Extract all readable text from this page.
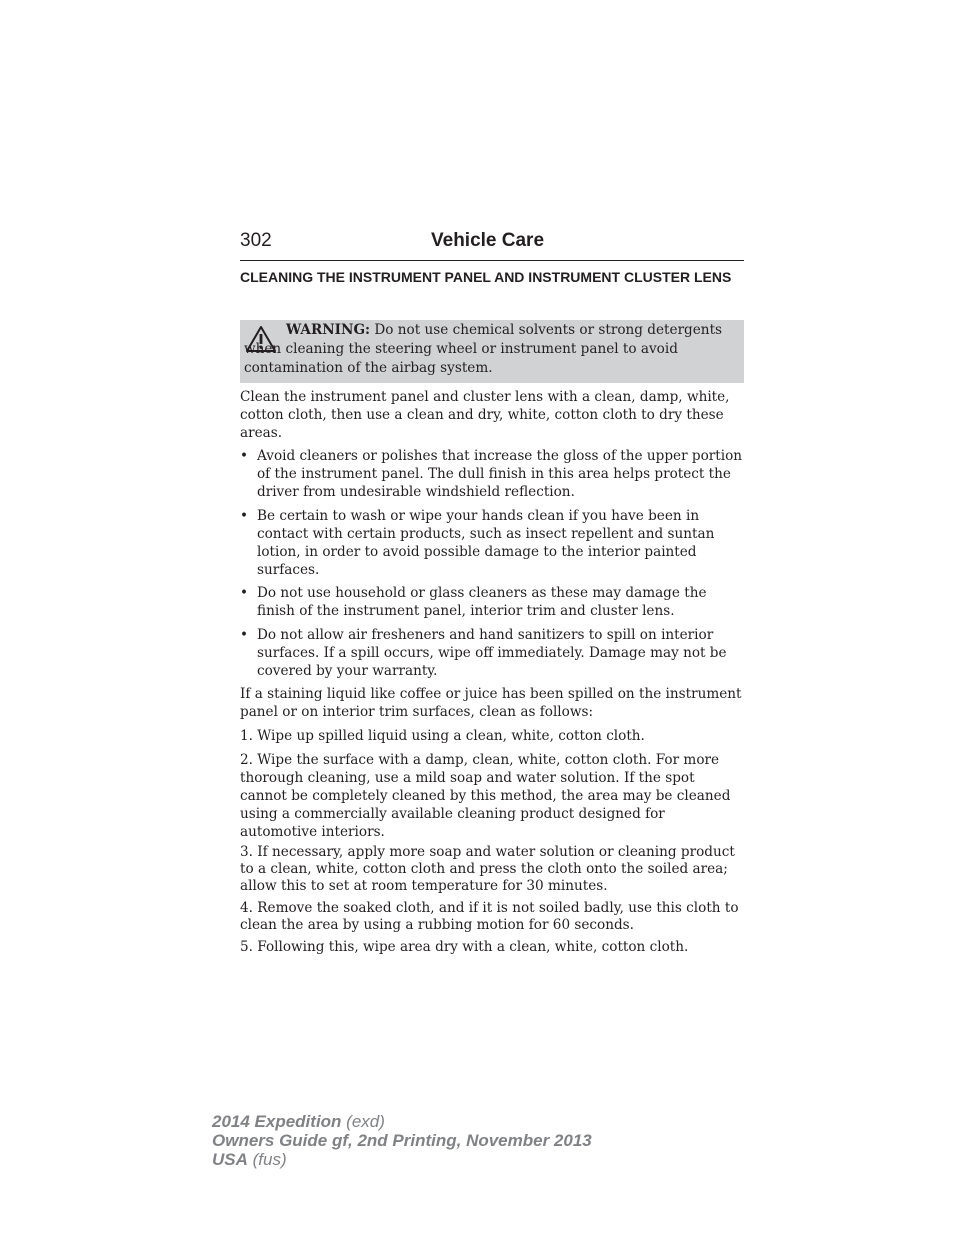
302	Vehicle Care
CLEANING THE INSTRUMENT PANEL AND INSTRUMENT CLUSTER LENS
WARNING: Do not use chemical solvents or strong detergents when cleaning the steering wheel or instrument panel to avoid contamination of the airbag system.
Clean the instrument panel and cluster lens with a clean, damp, white, cotton cloth, then use a clean and dry, white, cotton cloth to dry these areas.
• Avoid cleaners or polishes that increase the gloss of the upper portion of the instrument panel. The dull finish in this area helps protect the driver from undesirable windshield reflection.
• Be certain to wash or wipe your hands clean if you have been in contact with certain products, such as insect repellent and suntan lotion, in order to avoid possible damage to the interior painted surfaces.
• Do not use household or glass cleaners as these may damage the finish of the instrument panel, interior trim and cluster lens.
• Do not allow air fresheners and hand sanitizers to spill on interior surfaces. If a spill occurs, wipe off immediately. Damage may not be covered by your warranty.
If a staining liquid like coffee or juice has been spilled on the instrument panel or on interior trim surfaces, clean as follows:
1. Wipe up spilled liquid using a clean, white, cotton cloth.
2. Wipe the surface with a damp, clean, white, cotton cloth. For more thorough cleaning, use a mild soap and water solution. If the spot cannot be completely cleaned by this method, the area may be cleaned using a commercially available cleaning product designed for automotive interiors.
3. If necessary, apply more soap and water solution or cleaning product to a clean, white, cotton cloth and press the cloth onto the soiled area; allow this to set at room temperature for 30 minutes.
4. Remove the soaked cloth, and if it is not soiled badly, use this cloth to clean the area by using a rubbing motion for 60 seconds.
5. Following this, wipe area dry with a clean, white, cotton cloth.
2014 Expedition (exd)
Owners Guide gf, 2nd Printing, November 2013
USA (fus)
